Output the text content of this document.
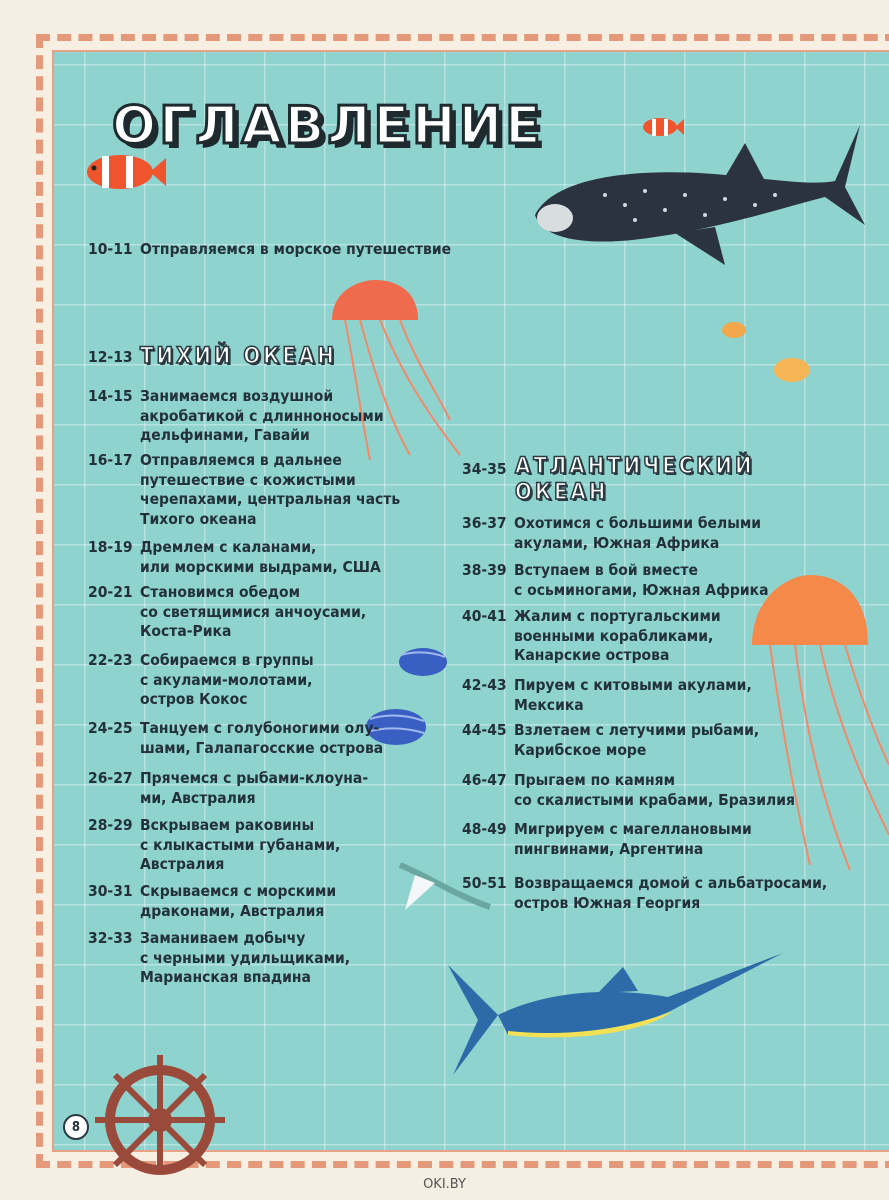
ОГЛАВЛЕНИЕ
10-11 Отправляемся в морское путешествие
12-13 ТИХИЙ ОКЕАН
14-15 Занимаемся воздушной
акробатикой с длинноносыми
дельфинами, Гавайи
16-17 Отправляемся в дальнее
путешествие с кожистыми
черепахами, центральная часть
Тихого океана
18-19 Дремлем с каланами,
или морскими выдрами, США
20-21 Становимся обедом
со светящимися анчоусами,
Коста-Рика
22-23 Собираемся в группы
с акулами-молотами,
остров Кокос
24-25 Танцуем с голубоногими олу-
шами, Галапагосские острова
26-27 Прячемся с рыбами-клоуна-
ми, Австралия
28-29 Вскрываем раковины
с клыкастыми губанами,
Австралия
30-31 Скрываемся с морскими
драконами, Австралия
32-33 Заманиваем добычу
с черными удильщиками,
Марианская впадина
34-35 АТЛАНТИЧЕСКИЙ
ОКЕАН
36-37 Охотимся с большими белыми
акулами, Южная Африка
38-39 Вступаем в бой вместе
с осьминогами, Южная Африка
40-41 Жалим с португальскими
военными корабликами,
Канарские острова
42-43 Пируем с китовыми акулами,
Мексика
44-45 Взлетаем с летучими рыбами,
Карибское море
46-47 Прыгаем по камням
со скалистыми крабами, Бразилия
48-49 Мигрируем с магеллановыми
пингвинами, Аргентина
50-51 Возвращаемся домой с альбатросами,
остров Южная Георгия
8
OKI.BY
